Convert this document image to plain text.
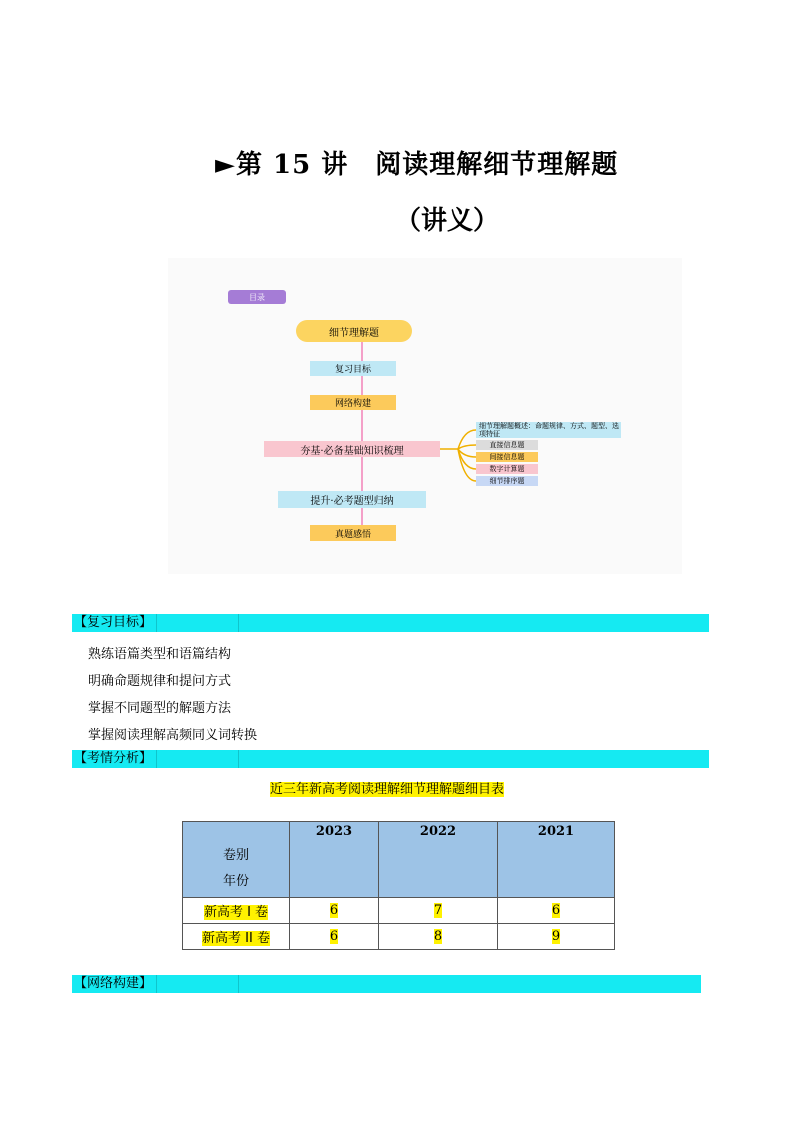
►第 15 讲　阅读理解细节理解题
（讲义）
目录
细节理解题
复习目标
网络构建
夯基·必备基础知识梳理
提升·必考题型归纳
真题感悟
细节理解题概述：命题规律、方式、题型、选项特征
直接信息题
间接信息题
数字计算题
细节排序题
【复习目标】
熟练语篇类型和语篇结构
明确命题规律和提问方式
掌握不同题型的解题方法
掌握阅读理解高频同义词转换
【考情分析】
近三年新高考阅读理解细节理解题细目表
卷别
年份	2023	2022	2021
新高考 I 卷	6	7	6
新高考 II 卷	6	8	9
【网络构建】
